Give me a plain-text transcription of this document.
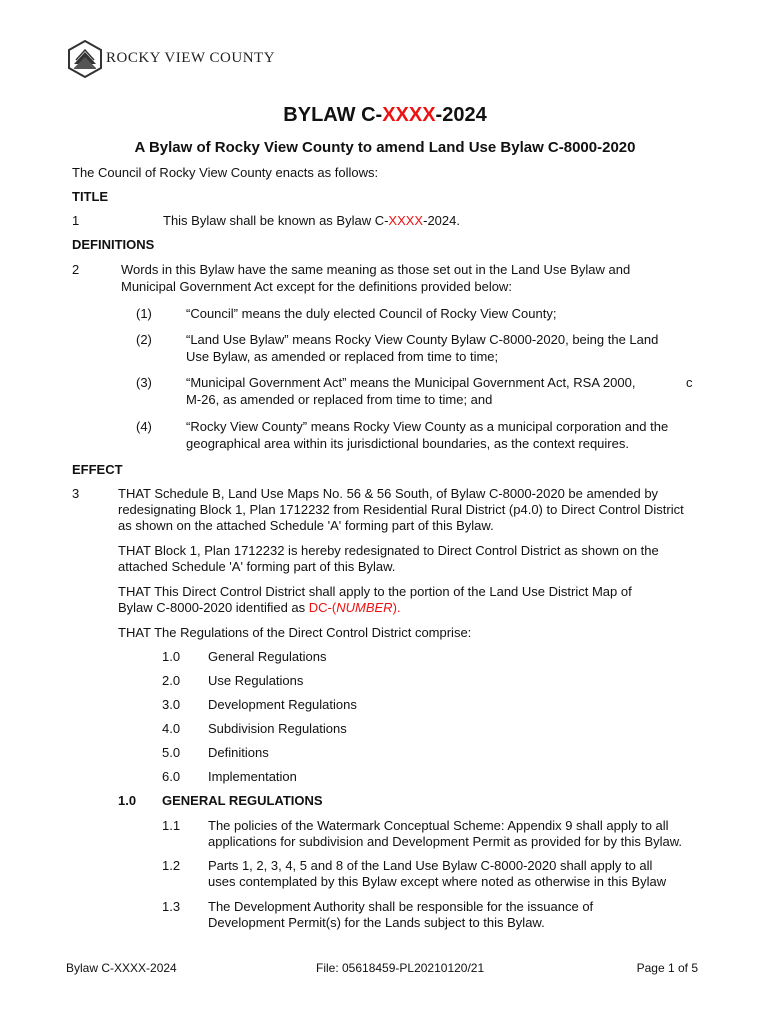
ROCKY VIEW COUNTY
BYLAW C-XXXX-2024
A Bylaw of Rocky View County to amend Land Use Bylaw C-8000-2020
The Council of Rocky View County enacts as follows:
TITLE
1	This Bylaw shall be known as Bylaw C-XXXX-2024.
DEFINITIONS
2	Words in this Bylaw have the same meaning as those set out in the Land Use Bylaw and
Municipal Government Act except for the definitions provided below:
(1)	“Council” means the duly elected Council of Rocky View County;
(2)	“Land Use Bylaw” means Rocky View County Bylaw C-8000-2020, being the Land
Use Bylaw, as amended or replaced from time to time;
(3)	“Municipal Government Act” means the Municipal Government Act, RSA 2000,	c
M-26, as amended or replaced from time to time; and
(4)	“Rocky View County” means Rocky View County as a municipal corporation and the
geographical area within its jurisdictional boundaries, as the context requires.
EFFECT
3	THAT Schedule B, Land Use Maps No. 56 & 56 South, of Bylaw C-8000-2020 be amended by
redesignating Block 1, Plan 1712232 from Residential Rural District (p4.0) to Direct Control District
as shown on the attached Schedule 'A' forming part of this Bylaw.
THAT Block 1, Plan 1712232 is hereby redesignated to Direct Control District as shown on the
attached Schedule 'A' forming part of this Bylaw.
THAT This Direct Control District shall apply to the portion of the Land Use District Map of
Bylaw C-8000-2020 identified as DC-(NUMBER).
THAT The Regulations of the Direct Control District comprise:
1.0 General Regulations
2.0 Use Regulations
3.0 Development Regulations
4.0 Subdivision Regulations
5.0 Definitions
6.0 Implementation
1.0 GENERAL REGULATIONS
1.1 The policies of the Watermark Conceptual Scheme: Appendix 9 shall apply to all
applications for subdivision and Development Permit as provided for by this Bylaw.
1.2 Parts 1, 2, 3, 4, 5 and 8 of the Land Use Bylaw C-8000-2020 shall apply to all
uses contemplated by this Bylaw except where noted as otherwise in this Bylaw
1.3 The Development Authority shall be responsible for the issuance of
Development Permit(s) for the Lands subject to this Bylaw.
Bylaw C-XXXX-2024	File: 05618459-PL20210120/21	Page 1 of 5
